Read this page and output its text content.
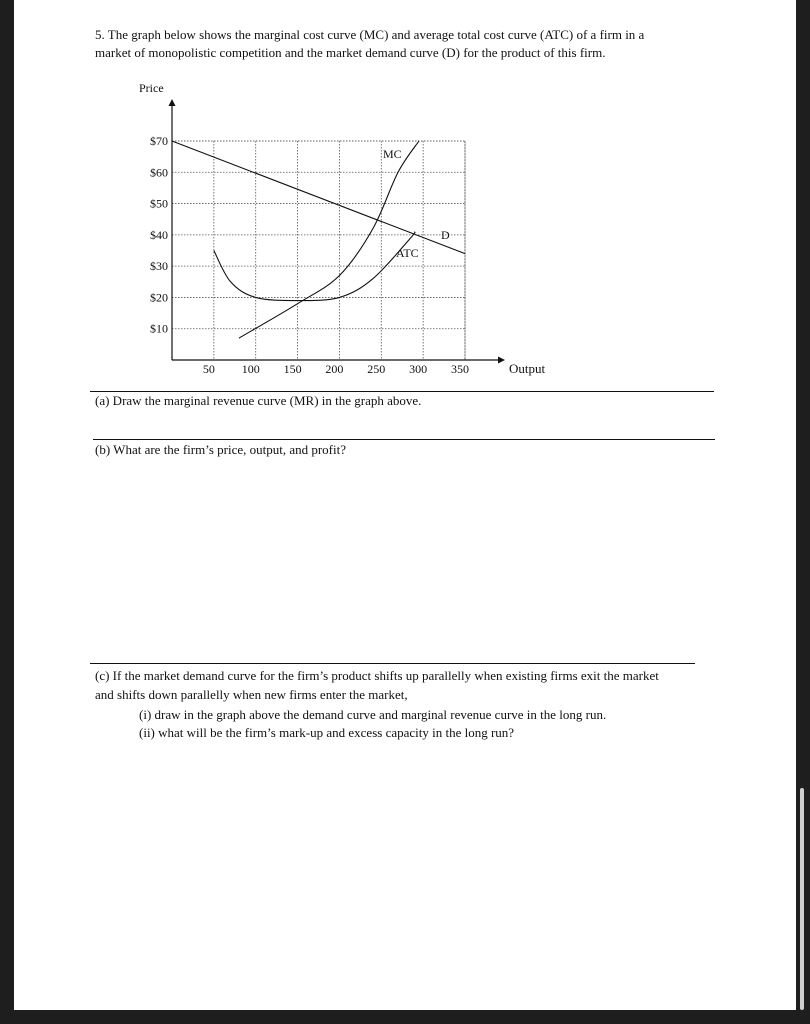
5. The graph below shows the marginal cost curve (MC) and average total cost curve (ATC) of a firm in a
market of monopolistic competition and the market demand curve (D) for the product of this firm.
$70
$60
$50
$40
$30
$20
$10
50 100 150 200 250 300 350
Price
Output
D
MC
ATC
(a) Draw the marginal revenue curve (MR) in the graph above.
(b) What are the firm’s price, output, and profit?
(c) If the market demand curve for the firm’s product shifts up parallelly when existing firms exit the market
and shifts down parallelly when new firms enter the market,
(i) draw in the graph above the demand curve and marginal revenue curve in the long run.
(ii) what will be the firm’s mark-up and excess capacity in the long run?
